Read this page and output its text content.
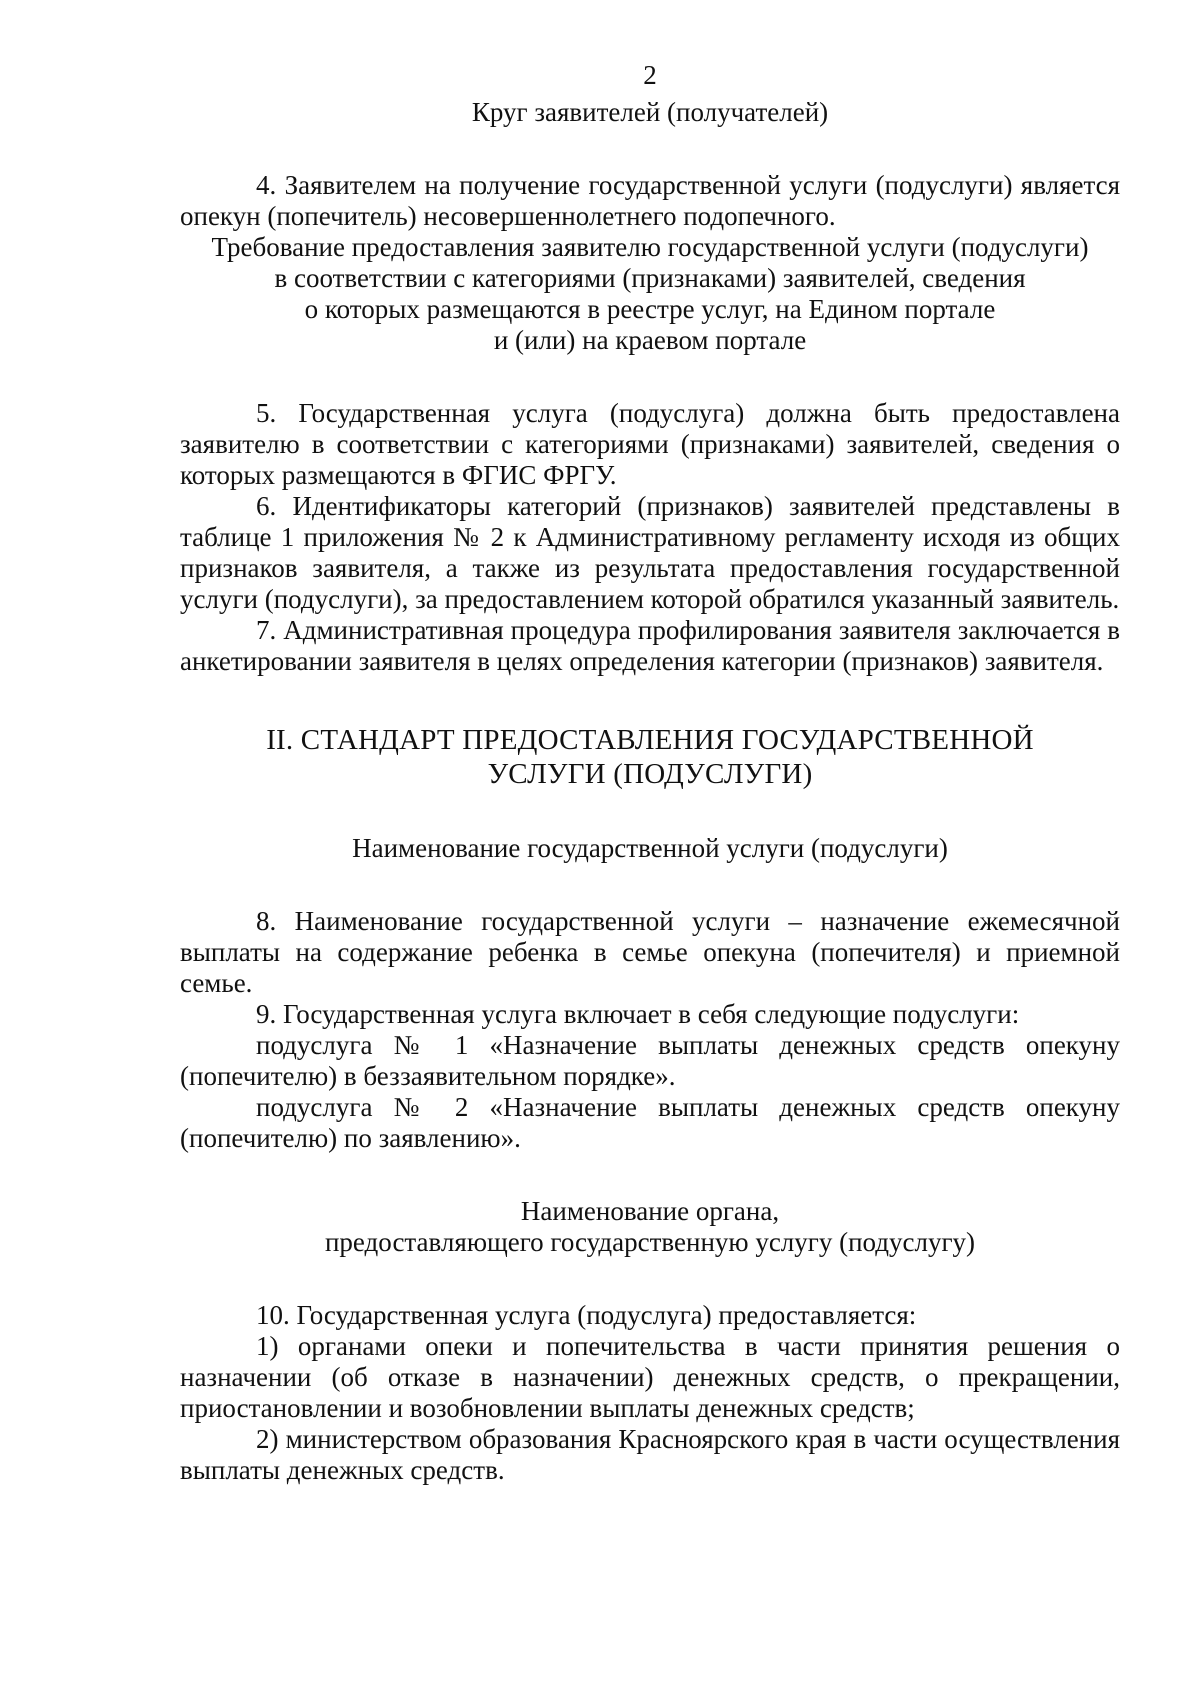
2

Круг заявителей (получателей)

4. Заявителем на получение государственной услуги (подуслуги) является опекун (попечитель) несовершеннолетнего подопечного.

Требование предоставления заявителю государственной услуги (подуслуги)
в соответствии с категориями (признаками) заявителей, сведения
о которых размещаются в реестре услуг, на Едином портале
и (или) на краевом портале

5. Государственная услуга (подуслуга) должна быть предоставлена заявителю в соответствии с категориями (признаками) заявителей, сведения о которых размещаются в ФГИС ФРГУ.

6. Идентификаторы категорий (признаков) заявителей представлены в таблице 1 приложения № 2 к Административному регламенту исходя из общих признаков заявителя, а также из результата предоставления государственной услуги (подуслуги), за предоставлением которой обратился указанный заявитель.

7. Административная процедура профилирования заявителя заключается в анкетировании заявителя в целях определения категории (признаков) заявителя.

II. СТАНДАРТ ПРЕДОСТАВЛЕНИЯ ГОСУДАРСТВЕННОЙ
УСЛУГИ (ПОДУСЛУГИ)

Наименование государственной услуги (подуслуги)

8. Наименование государственной услуги – назначение ежемесячной выплаты на содержание ребенка в семье опекуна (попечителя) и приемной семье.

9. Государственная услуга включает в себя следующие подуслуги:

подуслуга № 1 «Назначение выплаты денежных средств опекуну (попечителю) в беззаявительном порядке».

подуслуга № 2 «Назначение выплаты денежных средств опекуну (попечителю) по заявлению».

Наименование органа,
предоставляющего государственную услугу (подуслугу)

10. Государственная услуга (подуслуга) предоставляется:

1) органами опеки и попечительства в части принятия решения о назначении (об отказе в назначении) денежных средств, о прекращении, приостановлении и возобновлении выплаты денежных средств;

2) министерством образования Красноярского края в части осуществления выплаты денежных средств.
